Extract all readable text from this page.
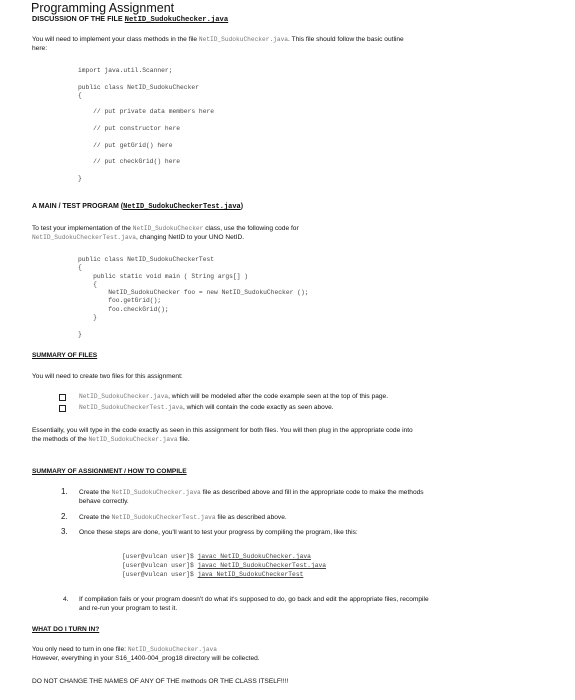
Programming Assignment
DISCUSSION OF THE FILE NetID_SudokuChecker.java
You will need to implement your class methods in the file NetID_SudokuChecker.java. This file should follow the basic outline
here:
import java.util.Scanner;
public class NetID_SudokuChecker
{
// put private data members here
// put constructor here
// put getGrid() here
// put checkGrid() here
}
A MAIN / TEST PROGRAM (NetID_SudokuCheckerTest.java)
To test your implementation of the NetID_SudokuChecker class, use the following code for
NetID_SudokuCheckerTest.java, changing NetID to your UNO NetID.
public class NetID_SudokuCheckerTest
{
public static void main ( String args[] )
{
NetID_SudokuChecker foo = new NetID_SudokuChecker ();
foo.getGrid();
foo.checkGrid();
}
}
SUMMARY OF FILES
You will need to create two files for this assignment:
NetID_SudokuChecker.java, which will be modeled after the code example seen at the top of this page.
NetID_SudokuCheckerTest.java, which will contain the code exactly as seen above.
Essentially, you will type in the code exactly as seen in this assignment for both files. You will then plug in the appropriate code into
the methods of the NetID_SudokuChecker.java file.
SUMMARY OF ASSIGNMENT / HOW TO COMPILE
1. Create the NetID_SudokuChecker.java file as described above and fill in the appropriate code to make the methods
behave correctly.
2. Create the NetID_SudokuCheckerTest.java file as described above.
3. Once these steps are done, you'll want to test your progress by compiling the program, like this:
[user@vulcan user]$ javac NetID_SudokuChecker.java
[user@vulcan user]$ javac NetID_SudokuCheckerTest.java
[user@vulcan user]$ java NetID_SudokuCheckerTest
4. If compilation fails or your program doesn't do what it's supposed to do, go back and edit the appropriate files, recompile
and re-run your program to test it.
WHAT DO I TURN IN?
You only need to turn in one file: NetID_SudokuChecker.java
However, everything in your S16_1400-004_prog18 directory will be collected.
DO NOT CHANGE THE NAMES OF ANY OF THE methods OR THE CLASS ITSELF!!!!
